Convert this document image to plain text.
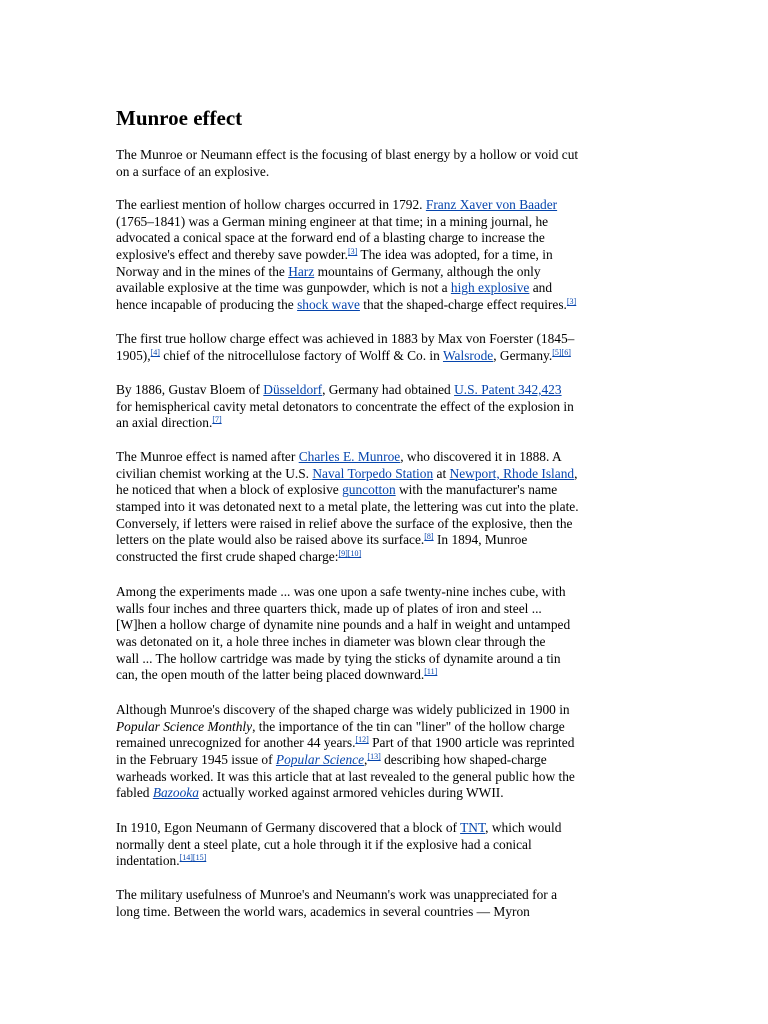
Munroe effect

The Munroe or Neumann effect is the focusing of blast energy by a hollow or void cut
on a surface of an explosive.

The earliest mention of hollow charges occurred in 1792. Franz Xaver von Baader
(1765–1841) was a German mining engineer at that time; in a mining journal, he
advocated a conical space at the forward end of a blasting charge to increase the
explosive's effect and thereby save powder.[3] The idea was adopted, for a time, in
Norway and in the mines of the Harz mountains of Germany, although the only
available explosive at the time was gunpowder, which is not a high explosive and
hence incapable of producing the shock wave that the shaped-charge effect requires.[3]

The first true hollow charge effect was achieved in 1883 by Max von Foerster (1845–
1905),[4] chief of the nitrocellulose factory of Wolff & Co. in Walsrode, Germany.[5][6]

By 1886, Gustav Bloem of Düsseldorf, Germany had obtained U.S. Patent 342,423
for hemispherical cavity metal detonators to concentrate the effect of the explosion in
an axial direction.[7]

The Munroe effect is named after Charles E. Munroe, who discovered it in 1888. A
civilian chemist working at the U.S. Naval Torpedo Station at Newport, Rhode Island,
he noticed that when a block of explosive guncotton with the manufacturer's name
stamped into it was detonated next to a metal plate, the lettering was cut into the plate.
Conversely, if letters were raised in relief above the surface of the explosive, then the
letters on the plate would also be raised above its surface.[8] In 1894, Munroe
constructed the first crude shaped charge:[9][10]

Among the experiments made ... was one upon a safe twenty-nine inches cube, with
walls four inches and three quarters thick, made up of plates of iron and steel ...
[W]hen a hollow charge of dynamite nine pounds and a half in weight and untamped
was detonated on it, a hole three inches in diameter was blown clear through the
wall ... The hollow cartridge was made by tying the sticks of dynamite around a tin
can, the open mouth of the latter being placed downward.[11]

Although Munroe's discovery of the shaped charge was widely publicized in 1900 in
Popular Science Monthly, the importance of the tin can "liner" of the hollow charge
remained unrecognized for another 44 years.[12] Part of that 1900 article was reprinted
in the February 1945 issue of Popular Science,[13] describing how shaped-charge
warheads worked. It was this article that at last revealed to the general public how the
fabled Bazooka actually worked against armored vehicles during WWII.

In 1910, Egon Neumann of Germany discovered that a block of TNT, which would
normally dent a steel plate, cut a hole through it if the explosive had a conical
indentation.[14][15]

The military usefulness of Munroe's and Neumann's work was unappreciated for a
long time. Between the world wars, academics in several countries — Myron
